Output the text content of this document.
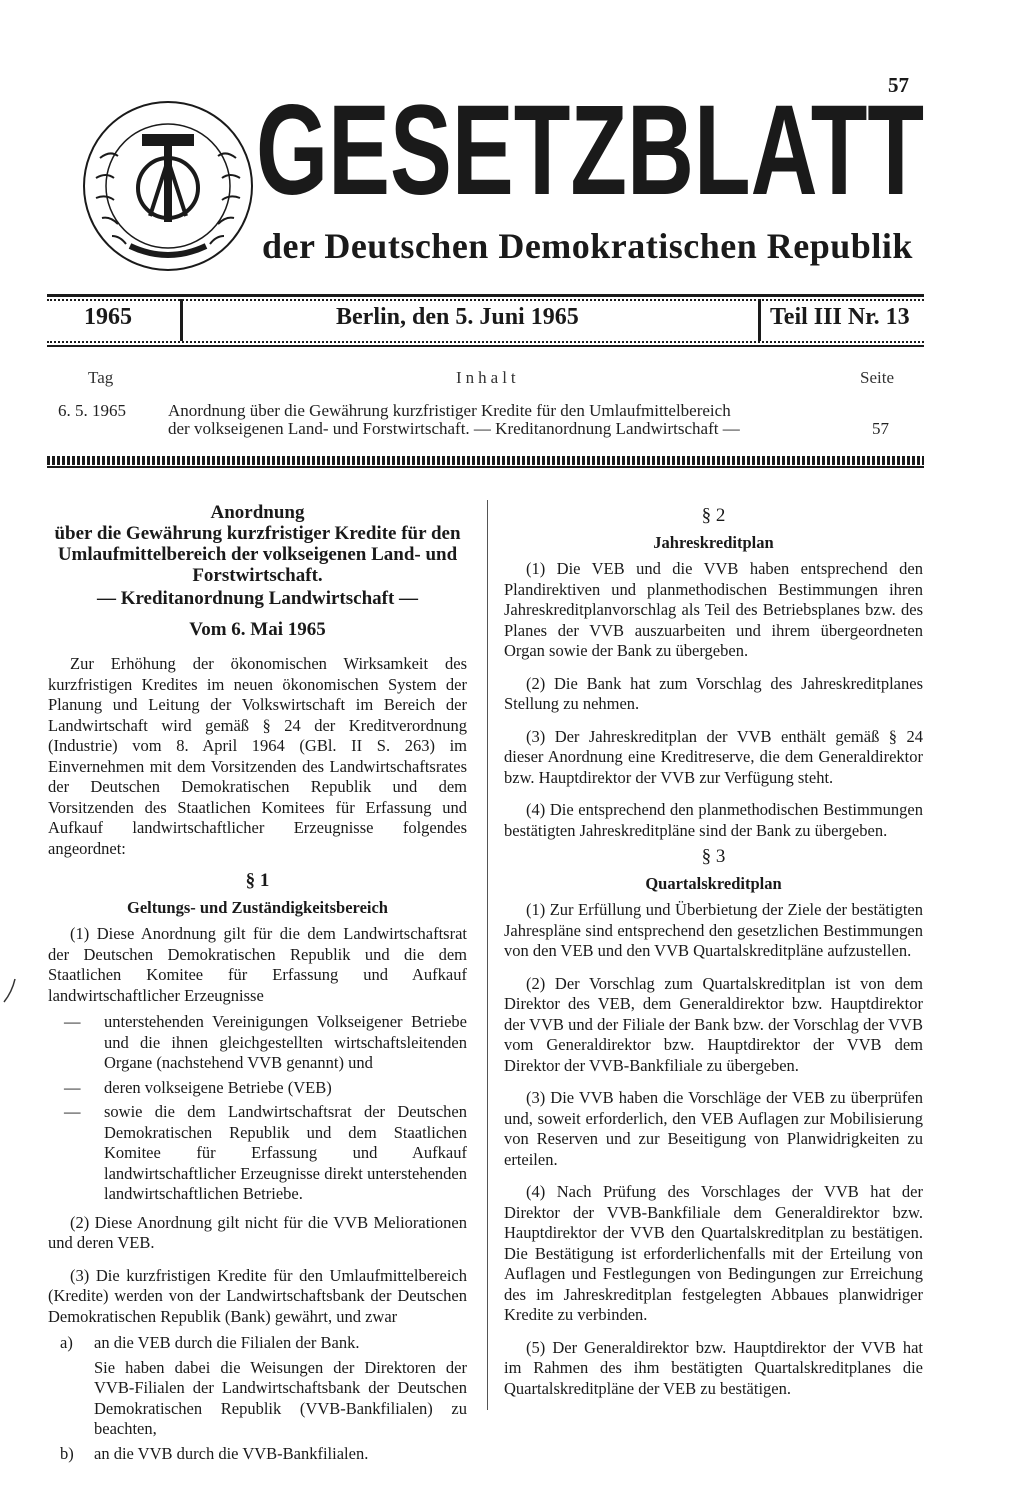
57
GESETZBLATT
der Deutschen Demokratischen Republik
1965	Berlin, den 5. Juni 1965	Teil III Nr. 13
Tag	Inhalt	Seite
6. 5. 1965 Anordnung über die Gewährung kurzfristiger Kredite für den Umlaufmittelbereich
der volkseigenen Land- und Forstwirtschaft. — Kreditanordnung Landwirtschaft —	57
Anordnung
über die Gewährung kurzfristiger Kredite für den Umlaufmittelbereich der volkseigenen Land- und Forstwirtschaft.
— Kreditanordnung Landwirtschaft —
Vom 6. Mai 1965

Zur Erhöhung der ökonomischen Wirksamkeit des kurzfristigen Kredites im neuen ökonomischen System der Planung und Leitung der Volkswirtschaft im Bereich der Landwirtschaft wird gemäß § 24 der Kreditverordnung (Industrie) vom 8. April 1964 (GBl. II S. 263) im Einvernehmen mit dem Vorsitzenden des Landwirtschaftsrates der Deutschen Demokratischen Republik und dem Vorsitzenden des Staatlichen Komitees für Erfassung und Aufkauf landwirtschaftlicher Erzeugnisse folgendes angeordnet:

§ 1
Geltungs- und Zuständigkeitsbereich

(1) Diese Anordnung gilt für die dem Landwirtschaftsrat der Deutschen Demokratischen Republik und die dem Staatlichen Komitee für Erfassung und Aufkauf landwirtschaftlicher Erzeugnisse

—	unterstehenden Vereinigungen Volkseigener Betriebe und die ihnen gleichgestellten wirtschaftsleitenden Organe (nachstehend VVB genannt) und
—	deren volkseigene Betriebe (VEB)
—	sowie die dem Landwirtschaftsrat der Deutschen Demokratischen Republik und dem Staatlichen Komitee für Erfassung und Aufkauf landwirtschaftlicher Erzeugnisse direkt unterstehenden landwirtschaftlichen Betriebe.

(2) Diese Anordnung gilt nicht für die VVB Meliorationen und deren VEB.

(3) Die kurzfristigen Kredite für den Umlaufmittelbereich (Kredite) werden von der Landwirtschaftsbank der Deutschen Demokratischen Republik (Bank) gewährt, und zwar

a)	an die VEB durch die Filialen der Bank.
Sie haben dabei die Weisungen der Direktoren der VVB-Filialen der Landwirtschaftsbank der Deutschen Demokratischen Republik (VVB-Bankfilialen) zu beachten,
b)	an die VVB durch die VVB-Bankfilialen.
§ 2
Jahreskreditplan

(1) Die VEB und die VVB haben entsprechend den Plandirektiven und planmethodischen Bestimmungen ihren Jahreskreditplanvorschlag als Teil des Betriebsplanes bzw. des Planes der VVB auszuarbeiten und ihrem übergeordneten Organ sowie der Bank zu übergeben.

(2) Die Bank hat zum Vorschlag des Jahreskreditplanes Stellung zu nehmen.

(3) Der Jahreskreditplan der VVB enthält gemäß § 24 dieser Anordnung eine Kreditreserve, die dem Generaldirektor bzw. Hauptdirektor der VVB zur Verfügung steht.

(4) Die entsprechend den planmethodischen Bestimmungen bestätigten Jahreskreditpläne sind der Bank zu übergeben.

§ 3
Quartalskreditplan

(1) Zur Erfüllung und Überbietung der Ziele der bestätigten Jahrespläne sind entsprechend den gesetzlichen Bestimmungen von den VEB und den VVB Quartalskreditpläne aufzustellen.

(2) Der Vorschlag zum Quartalskreditplan ist von dem Direktor des VEB, dem Generaldirektor bzw. Hauptdirektor der VVB und der Filiale der Bank bzw. der Vorschlag der VVB vom Generaldirektor bzw. Hauptdirektor der VVB dem Direktor der VVB-Bankfiliale zu übergeben.

(3) Die VVB haben die Vorschläge der VEB zu überprüfen und, soweit erforderlich, den VEB Auflagen zur Mobilisierung von Reserven und zur Beseitigung von Planwidrigkeiten zu erteilen.

(4) Nach Prüfung des Vorschlages der VVB hat der Direktor der VVB-Bankfiliale dem Generaldirektor bzw. Hauptdirektor der VVB den Quartalskreditplan zu bestätigen. Die Bestätigung ist erforderlichenfalls mit der Erteilung von Auflagen und Festlegungen von Bedingungen zur Erreichung des im Jahreskreditplan festgelegten Abbaues planwidriger Kredite zu verbinden.

(5) Der Generaldirektor bzw. Hauptdirektor der VVB hat im Rahmen des ihm bestätigten Quartalskreditplanes die Quartalskreditpläne der VEB zu bestätigen.
